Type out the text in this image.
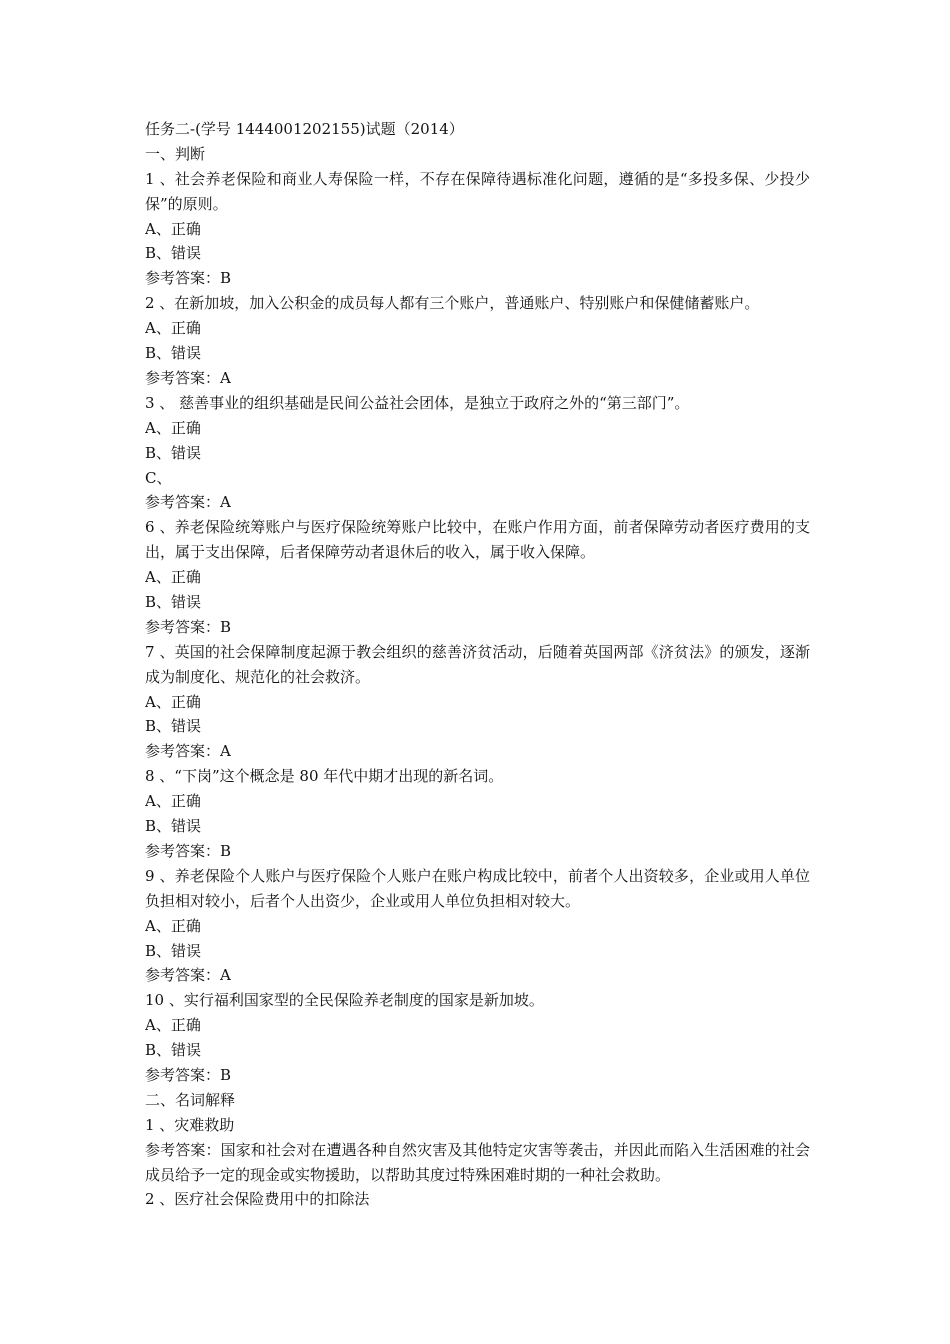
任务二-(学号 1444001202155)试题（2014）
一、判断
1 、社会养老保险和商业人寿保险一样，不存在保障待遇标准化问题，遵循的是“多投多保、少投少保”的原则。
A、正确
B、错误
参考答案：B
2 、在新加坡，加入公积金的成员每人都有三个账户，普通账户、特别账户和保健储蓄账户。
A、正确
B、错误
参考答案：A
3 、 慈善事业的组织基础是民间公益社会团体，是独立于政府之外的“第三部门”。
A、正确
B、错误
C、
参考答案：A
6 、养老保险统筹账户与医疗保险统筹账户比较中，在账户作用方面，前者保障劳动者医疗费用的支出，属于支出保障，后者保障劳动者退休后的收入，属于收入保障。
A、正确
B、错误
参考答案：B
7 、英国的社会保障制度起源于教会组织的慈善济贫活动，后随着英国两部《济贫法》的颁发，逐渐成为制度化、规范化的社会救济。
A、正确
B、错误
参考答案：A
8 、“下岗”这个概念是 80 年代中期才出现的新名词。
A、正确
B、错误
参考答案：B
9 、养老保险个人账户与医疗保险个人账户在账户构成比较中，前者个人出资较多，企业或用人单位负担相对较小，后者个人出资少，企业或用人单位负担相对较大。
A、正确
B、错误
参考答案：A
10 、实行福利国家型的全民保险养老制度的国家是新加坡。
A、正确
B、错误
参考答案：B
二、名词解释
1 、灾难救助
参考答案：国家和社会对在遭遇各种自然灾害及其他特定灾害等袭击，并因此而陷入生活困难的社会成员给予一定的现金或实物援助，以帮助其度过特殊困难时期的一种社会救助。
2 、医疗社会保险费用中的扣除法
